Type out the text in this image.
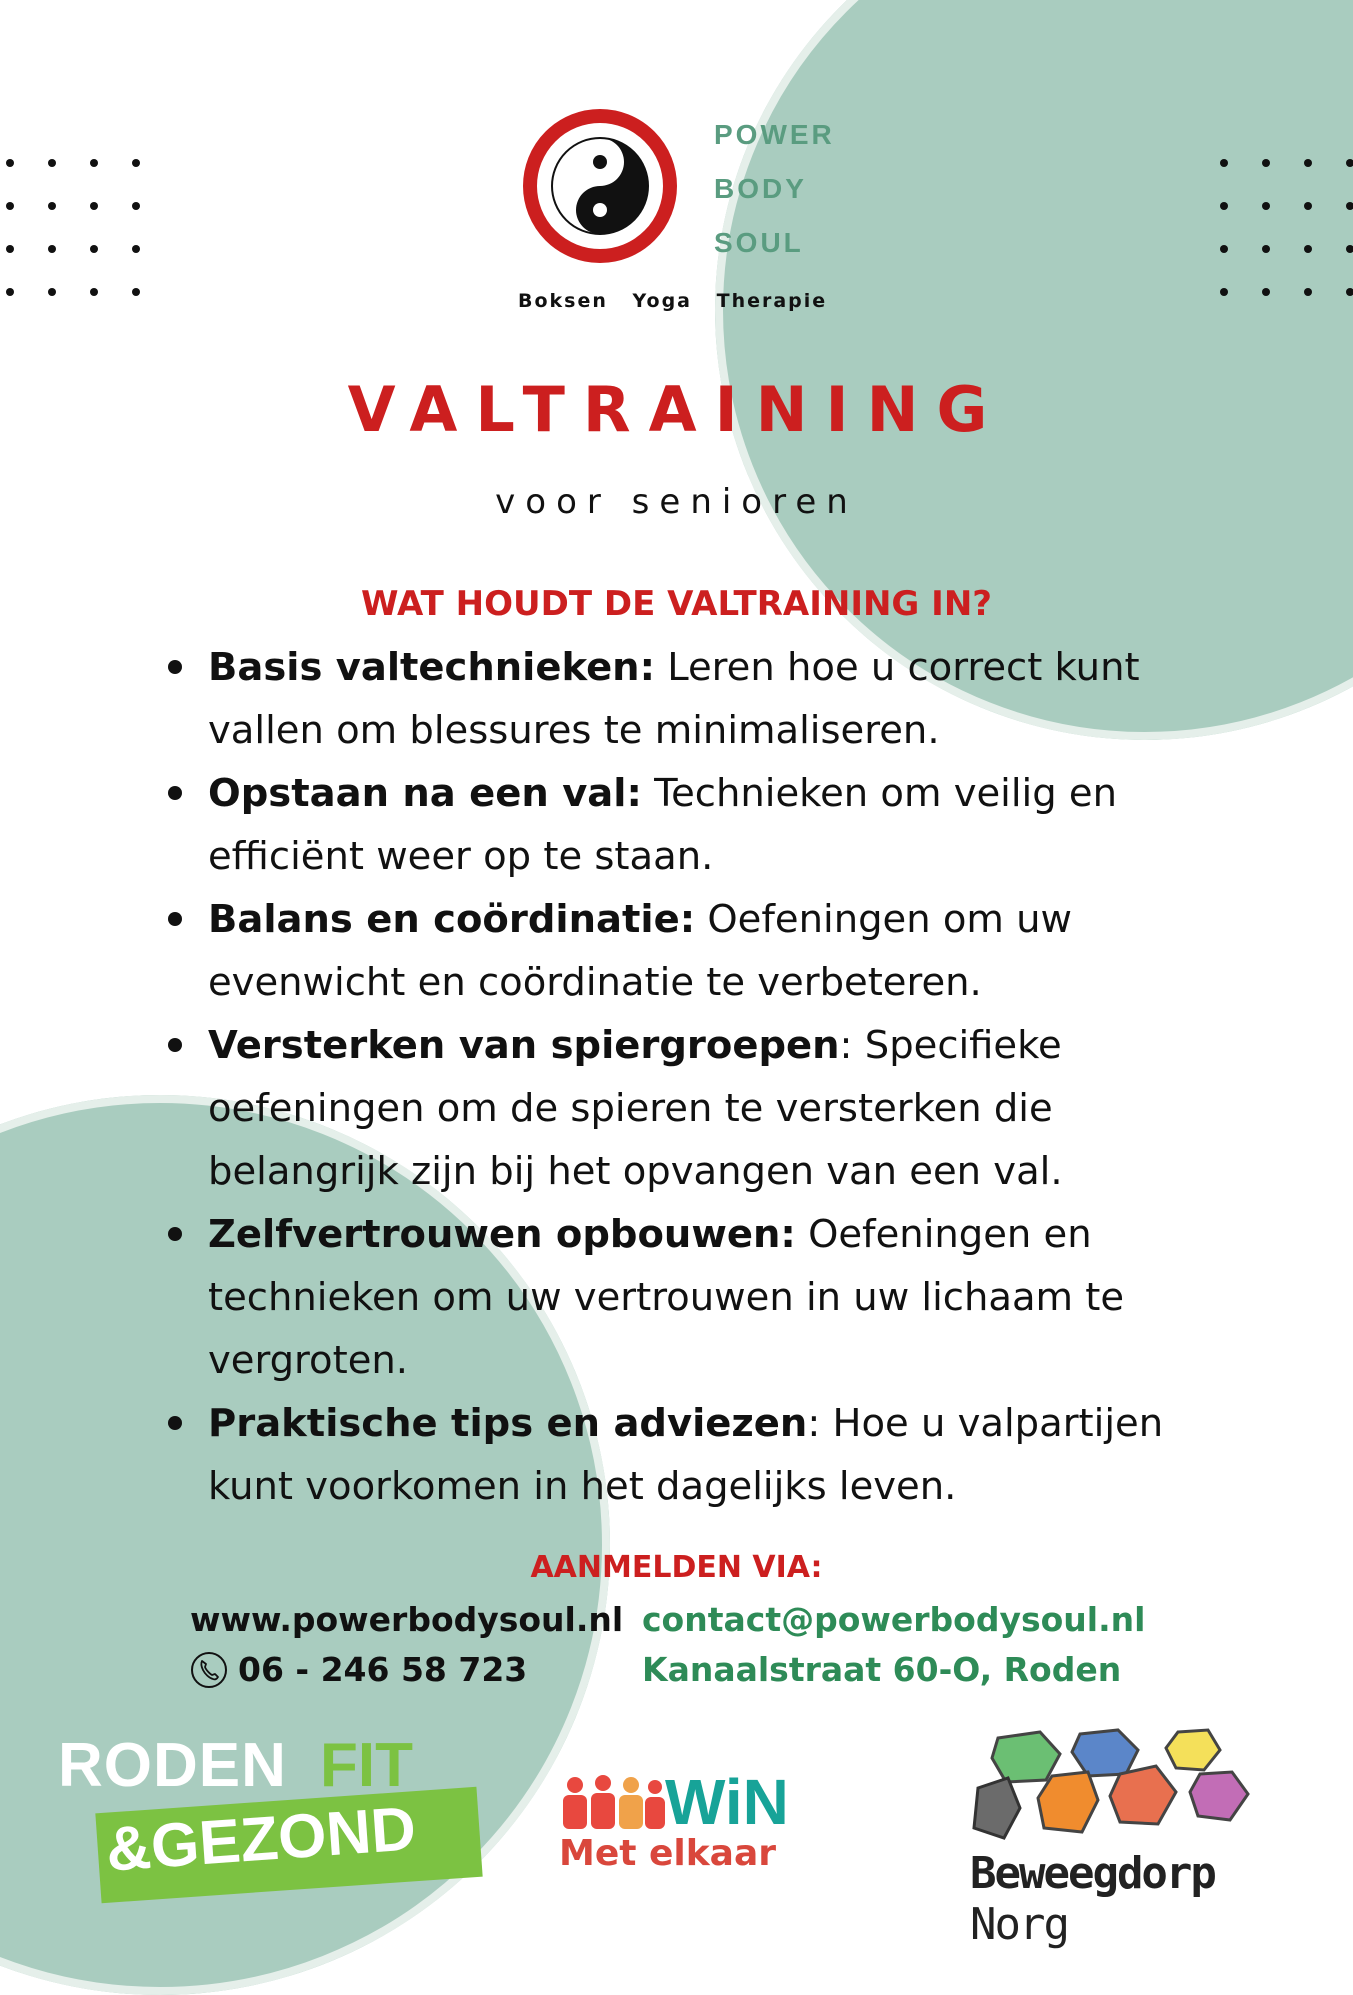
POWER
BODY
SOUL
Boksen Yoga Therapie
VALTRAINING
voor senioren
WAT HOUDT DE VALTRAINING IN?
Basis valtechnieken: Leren hoe u correct kunt vallen om blessures te minimaliseren.
Opstaan na een val: Technieken om veilig en efficiënt weer op te staan.
Balans en coördinatie: Oefeningen om uw evenwicht en coördinatie te verbeteren.
Versterken van spiergroepen: Specifieke oefeningen om de spieren te versterken die belangrijk zijn bij het opvangen van een val.
Zelfvertrouwen opbouwen: Oefeningen en technieken om uw vertrouwen in uw lichaam te vergroten.
Praktische tips en adviezen: Hoe u valpartijen kunt voorkomen in het dagelijks leven.
AANMELDEN VIA:
www.powerbodysoul.nl
06 - 246 58 723
contact@powerbodysoul.nl
Kanaalstraat 60-O, Roden
RODEN FIT
&GEZOND	WiN
Met elkaar	Beweegdorp Norg
